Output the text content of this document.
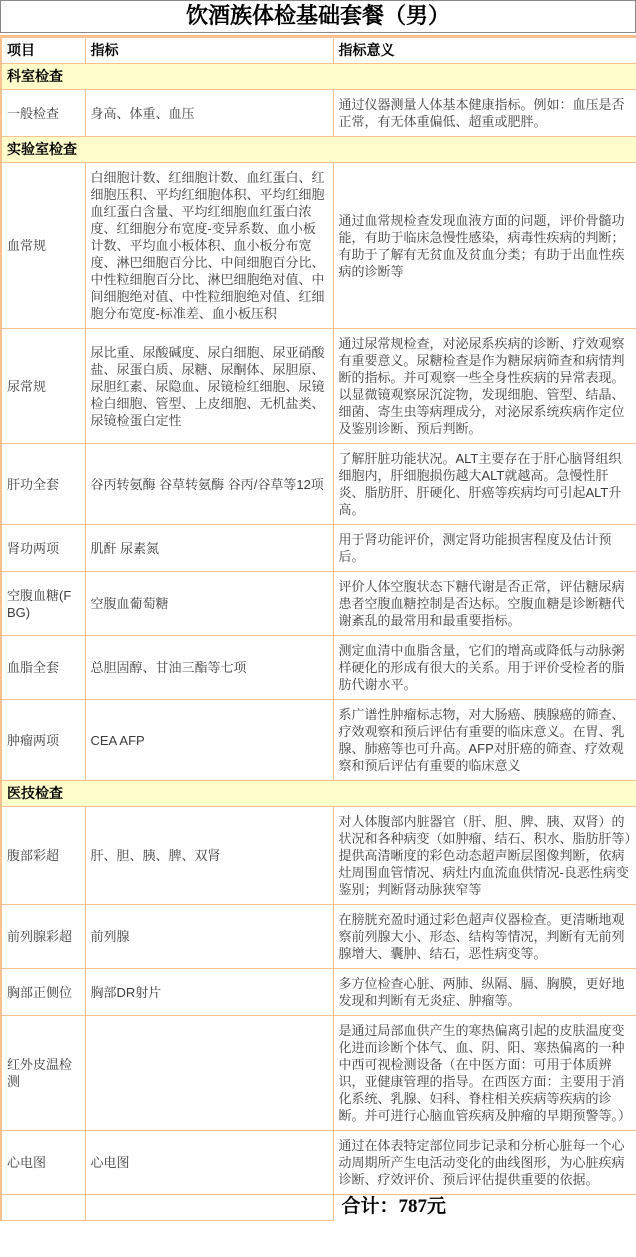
饮酒族体检基础套餐（男）
项目	指标	指标意义
科室检查		
一般检查	身高、体重、血压	通过仪器测量人体基本健康指标。例如：血压是否正常，有无体重偏低、超重或肥胖。
实验室检查		
血常规	白细胞计数、红细胞计数、血红蛋白、红细胞压积、平均红细胞体积、平均红细胞血红蛋白含量、平均红细胞血红蛋白浓度、红细胞分布宽度-变异系数、血小板计数、平均血小板体积、血小板分布宽度、淋巴细胞百分比、中间细胞百分比、中性粒细胞百分比、淋巴细胞绝对值、中间细胞绝对值、中性粒细胞绝对值、红细胞分布宽度-标准差、血小板压积	通过血常规检查发现血液方面的问题，评价骨髓功能，有助于临床急慢性感染，病毒性疾病的判断；有助于了解有无贫血及贫血分类；有助于出血性疾病的诊断等
尿常规	尿比重、尿酸碱度、尿白细胞、尿亚硝酸盐、尿蛋白质、尿糖、尿酮体、尿胆原、尿胆红素、尿隐血、尿镜检红细胞、尿镜检白细胞、管型、上皮细胞、无机盐类、尿镜检蛋白定性	通过尿常规检查，对泌尿系疾病的诊断、疗效观察有重要意义。尿糖检查是作为糖尿病筛查和病情判断的指标。并可观察一些全身性疾病的异常表现。以显微镜观察尿沉淀物，发现细胞、管型、结晶、细菌、寄生虫等病理成分，对泌尿系统疾病作定位及鉴别诊断、预后判断。
肝功全套	谷丙转氨酶 谷草转氨酶 谷丙/谷草等12项	了解肝脏功能状况。ALT主要存在于肝心脑肾组织细胞内，肝细胞损伤越大ALT就越高。急慢性肝炎、脂肪肝、肝硬化、肝癌等疾病均可引起ALT升高。
肾功两项	肌酐 尿素氮	用于肾功能评价，测定肾功能损害程度及估计预后。
空腹血糖(FBG)	空腹血葡萄糖	评价人体空腹状态下糖代谢是否正常，评估糖尿病患者空腹血糖控制是否达标。空腹血糖是诊断糖代谢紊乱的最常用和最重要指标。
血脂全套	总胆固醇、甘油三酯等七项	测定血清中血脂含量，它们的增高或降低与动脉粥样硬化的形成有很大的关系。用于评价受检者的脂肪代谢水平。
肿瘤两项	CEA AFP	系广谱性肿瘤标志物，对大肠癌、胰腺癌的筛查、疗效观察和预后评估有重要的临床意义。在胃、乳腺、肺癌等也可升高。AFP对肝癌的筛查、疗效观察和预后评估有重要的临床意义
医技检查		
腹部彩超	肝、胆、胰、脾、双肾	对人体腹部内脏器官（肝、胆、脾、胰、双肾）的状况和各种病变（如肿瘤、结石、积水、脂肪肝等）提供高清晰度的彩色动态超声断层图像判断，依病灶周围血管情况、病灶内血流血供情况-良恶性病变鉴别；判断肾动脉狭窄等
前列腺彩超	前列腺	在膀胱充盈时通过彩色超声仪器检查。更清晰地观察前列腺大小、形态、结构等情况，判断有无前列腺增大、囊肿、结石，恶性病变等。
胸部正侧位	胸部DR射片	多方位检查心脏、两肺、纵隔、膈、胸膜，更好地发现和判断有无炎症、肿瘤等。
红外皮温检测		是通过局部血供产生的寒热偏离引起的皮肤温度变化进而诊断个体气、血、阴、阳、寒热偏离的一种中西可视检测设备（在中医方面：可用于体质辨识，亚健康管理的指导。在西医方面：主要用于消化系统、乳腺、妇科、脊柱相关疾病等疾病的诊断。并可进行心脑血管疾病及肿瘤的早期预警等。）
心电图	心电图	通过在体表特定部位同步记录和分析心脏每一个心动周期所产生电活动变化的曲线图形，为心脏疾病诊断、疗效评价、预后评估提供重要的依据。
		合计：787元
